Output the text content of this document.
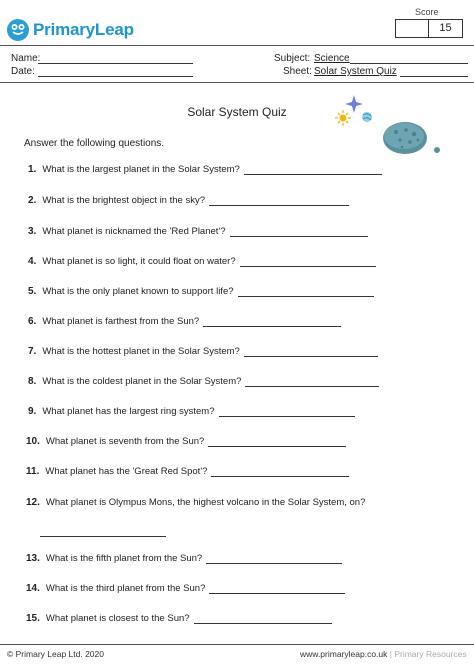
PrimaryLeap
Score
15
Name:
Date:
Subject: Science
Sheet: Solar System Quiz
Solar System Quiz
Answer the following questions.
1. What is the largest planet in the Solar System?
2. What is the brightest object in the sky?
3. What planet is nicknamed the 'Red Planet'?
4. What planet is so light, it could float on water?
5. What is the only planet known to support life?
6. What planet is farthest from the Sun?
7. What is the hottest planet in the Solar System?
8. What is the coldest planet in the Solar System?
9. What planet has the largest ring system?
10. What planet is seventh from the Sun?
11. What planet has the 'Great Red Spot'?
12. What planet is Olympus Mons, the highest volcano in the Solar System, on?
13. What is the fifth planet from the Sun?
14. What is the third planet from the Sun?
15. What planet is closest to the Sun?
© Primary Leap Ltd. 2020	www.primaryleap.co.uk | Primary Resources
